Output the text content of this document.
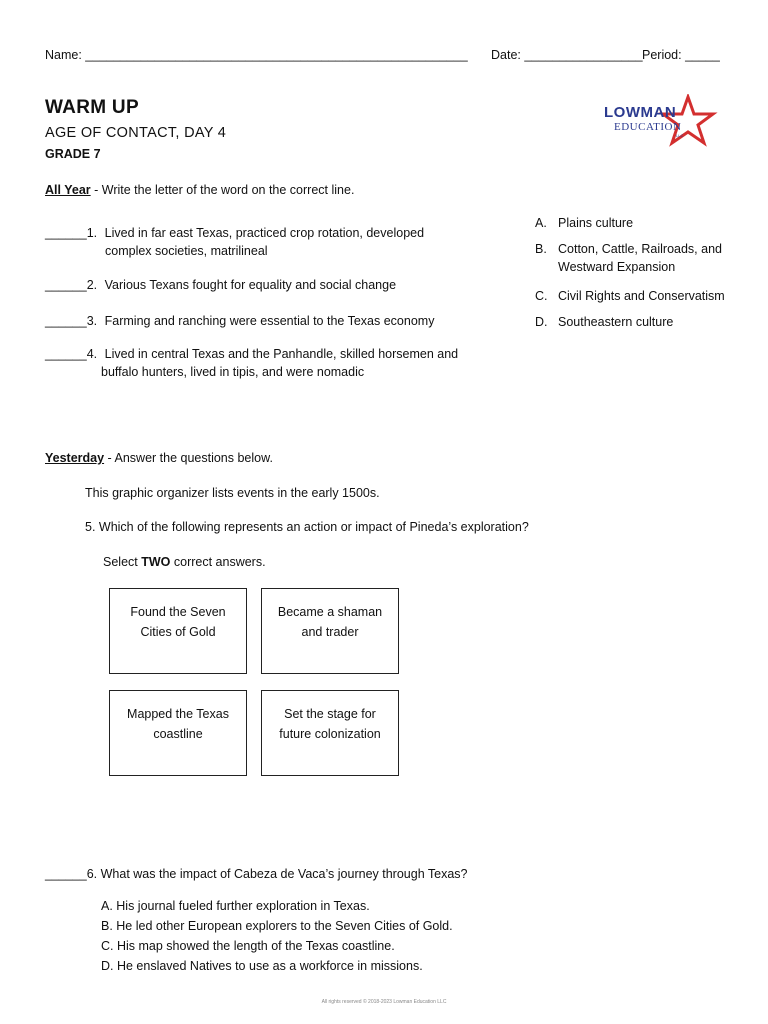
Name: _______________________________________________________ Date: _________________ Period: _____
WARM UP
AGE OF CONTACT, DAY 4
GRADE 7
LOWMAN
EDUCATION
LLC
All Year - Write the letter of the word on the correct line.
______1. Lived in far east Texas, practiced crop rotation, developed
complex societies, matrilineal
______2. Various Texans fought for equality and social change
______3. Farming and ranching were essential to the Texas economy
______4. Lived in central Texas and the Panhandle, skilled horsemen and
buffalo hunters, lived in tipis, and were nomadic
A. Plains culture
B. Cotton, Cattle, Railroads, and
Westward Expansion
C. Civil Rights and Conservatism
D. Southeastern culture
Yesterday - Answer the questions below.
This graphic organizer lists events in the early 1500s.
5. Which of the following represents an action or impact of Pineda’s exploration?
Select TWO correct answers.
Found the Seven
Cities of Gold
Became a shaman
and trader
Mapped the Texas
coastline
Set the stage for
future colonization
______6. What was the impact of Cabeza de Vaca’s journey through Texas?
A. His journal fueled further exploration in Texas.
B. He led other European explorers to the Seven Cities of Gold.
C. His map showed the length of the Texas coastline.
D. He enslaved Natives to use as a workforce in missions.
All rights reserved © 2018-2023 Lowman Education LLC
